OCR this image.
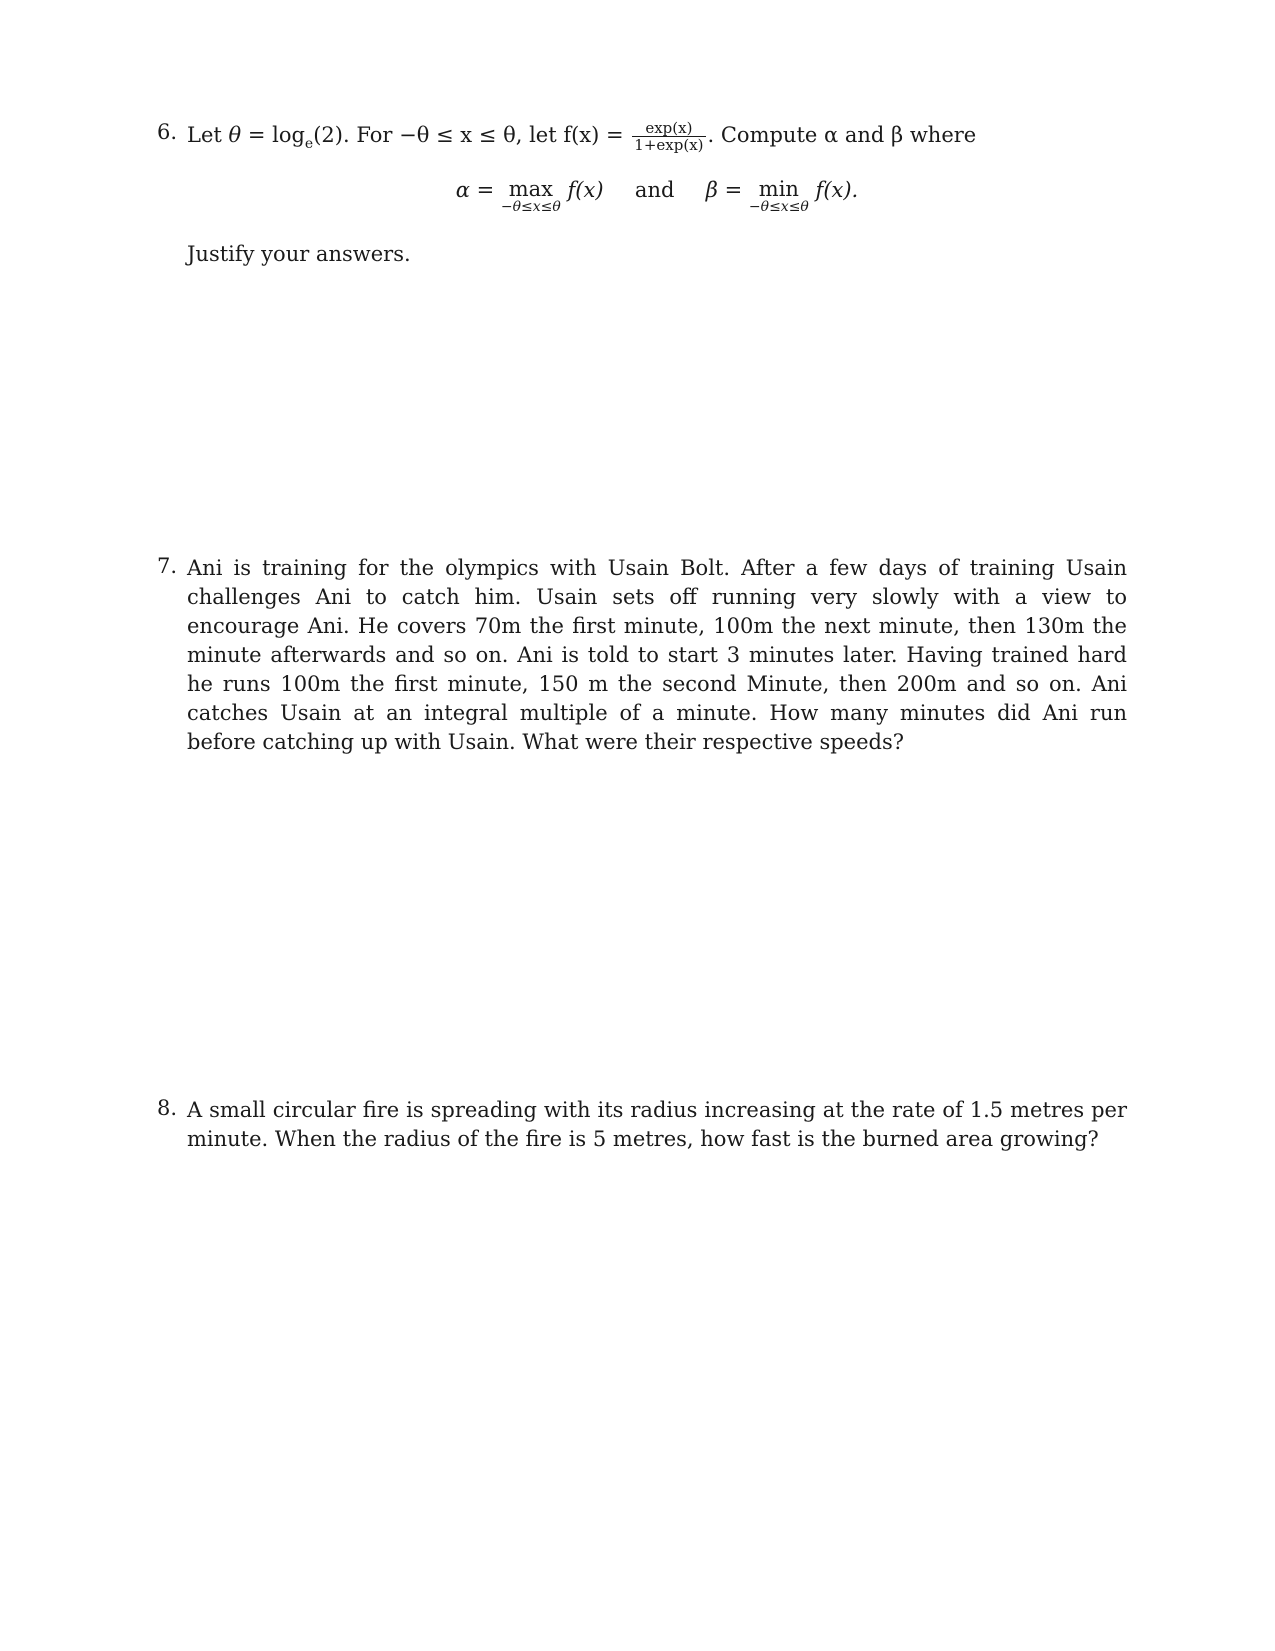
6. Let $\theta = \log_e(2)$. For −θ ≤ x ≤ θ, let $f(x) = \frac{\exp(x)}{1+\exp(x)}$ . Compute α and β where
α = max
−θ≤x≤θ
f(x) and β = min
−θ≤x≤θ
f(x).
Justify your answers.
7. Ani is training for the olympics with Usain Bolt. After a few days of training Usain challenges Ani to catch him. Usain sets off running very slowly with a view to encourage Ani. He covers 70m the first minute, 100m the next minute, then 130m the minute afterwards and so on. Ani is told to start 3 minutes later. Having trained hard he runs 100m the first minute, 150 m the second Minute, then 200m and so on. Ani catches Usain at an integral multiple of a minute. How many minutes did Ani run before catching up with Usain. What were their respective speeds?
8. A small circular fire is spreading with its radius increasing at the rate of 1.5 metres per minute. When the radius of the fire is 5 metres, how fast is the burned area growing?
